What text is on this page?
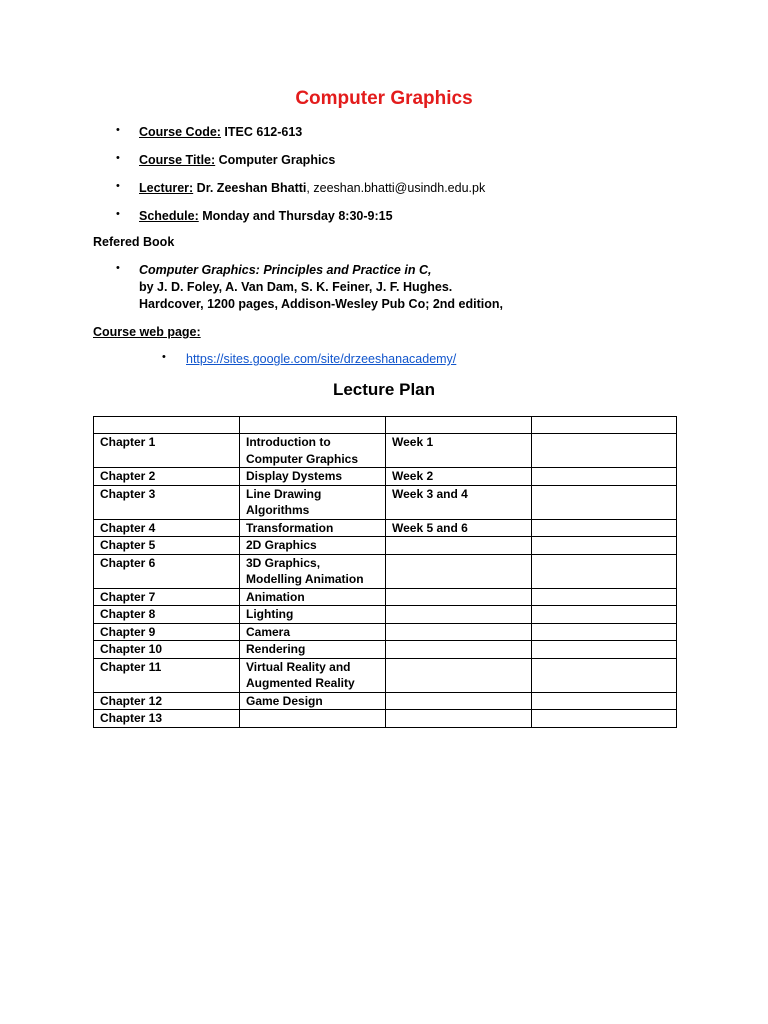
Computer Graphics
• Course Code: ITEC 612-613
• Course Title: Computer Graphics
• Lecturer: Dr. Zeeshan Bhatti, zeeshan.bhatti@usindh.edu.pk
• Schedule: Monday and Thursday 8:30-9:15
Refered Book
• Computer Graphics: Principles and Practice in C,
by J. D. Foley, A. Van Dam, S. K. Feiner, J. F. Hughes.
Hardcover, 1200 pages, Addison-Wesley Pub Co; 2nd edition,
Course web page:
• https://sites.google.com/site/drzeeshanacademy/
Lecture Plan

Chapter 1	Introduction to
Computer Graphics	Week 1	
Chapter 2	Display Dystems	Week 2	
Chapter 3	Line Drawing
Algorithms	Week 3 and 4	
Chapter 4	Transformation	Week 5 and 6	
Chapter 5	2D Graphics		

Chapter 6	3D Graphics,
Modelling Animation		

Chapter 7	Animation		

Chapter 8	Lighting		

Chapter 9	Camera		

Chapter 10	Rendering		

Chapter 11	Virtual Reality and
Augmented Reality		

Chapter 12	Game Design		

Chapter 13	
